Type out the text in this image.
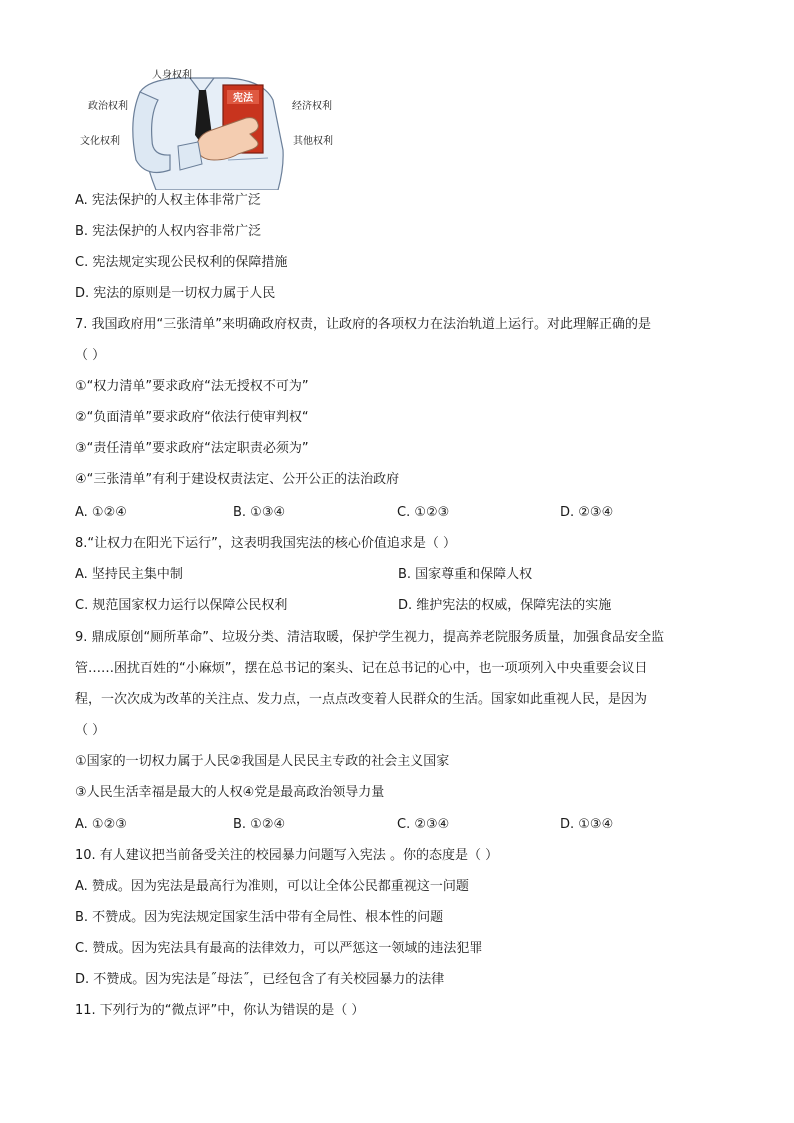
宪法
人身权利
政治权利	经济权利
文化权利	其他权利
A. 宪法保护的人权主体非常广泛
B. 宪法保护的人权内容非常广泛
C. 宪法规定实现公民权利的保障措施
D. 宪法的原则是一切权力属于人民
7. 我国政府用“三张清单”来明确政府权责，让政府的各项权力在法治轨道上运行。对此理解正确的是
（ ）
①“权力清单”要求政府“法无授权不可为”
②“负面清单”要求政府“依法行使审判权“
③“责任清单”要求政府“法定职责必须为”
④“三张清单”有利于建设权责法定、公开公正的法治政府
A. ①②④	B. ①③④	C. ①②③	D. ②③④
8.“让权力在阳光下运行”，这表明我国宪法的核心价值追求是（ ）
A. 坚持民主集中制	B. 国家尊重和保障人权
C. 规范国家权力运行以保障公民权利	D. 维护宪法的权威，保障宪法的实施
9. 鼎成原创“厕所革命”、垃圾分类、清洁取暖，保护学生视力，提高养老院服务质量，加强食品安全监
管……困扰百姓的“小麻烦”，摆在总书记的案头、记在总书记的心中，也一项项列入中央重要会议日
程，一次次成为改革的关注点、发力点，一点点改变着人民群众的生活。国家如此重视人民，是因为
（ ）
①国家的一切权力属于人民②我国是人民民主专政的社会主义国家
③人民生活幸福是最大的人权④党是最高政治领导力量
A. ①②③	B. ①②④	C. ②③④	D. ①③④
10. 有人建议把当前备受关注的校园暴力问题写入宪法 。你的态度是（ ）
A. 赞成。因为宪法是最高行为准则，可以让全体公民都重视这一问题
B. 不赞成。因为宪法规定国家生活中带有全局性、根本性的问题
C. 赞成。因为宪法具有最高的法律效力，可以严惩这一领域的违法犯罪
D. 不赞成。因为宪法是˝母法˝，已经包含了有关校园暴力的法律
11. 下列行为的“微点评”中，你认为错误的是（ ）
